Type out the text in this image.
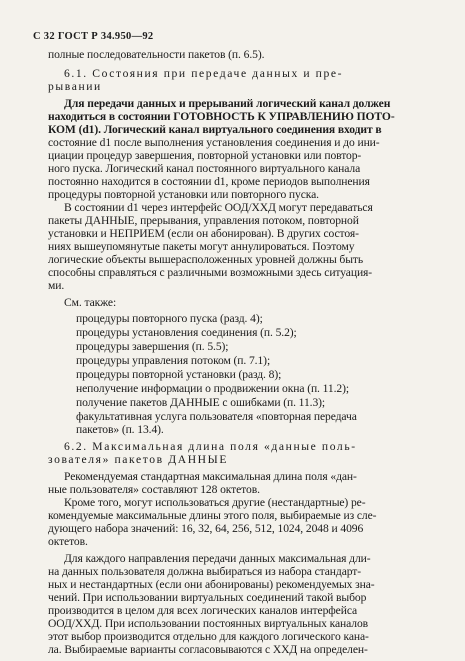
С 32 ГОСТ Р 34.950—92
полные последовательности пакетов (п. 6.5).
6.1. Состояния при передаче данных и пре-
рывании
Для передачи данных и прерываний логический канал должен
находиться в состоянии ГОТОВНОСТЬ К УПРАВЛЕНИЮ ПОТО-
КОМ (d1). Логический канал виртуального соединения входит в
состояние d1 после выполнения установления соединения и до ини-
циации процедур завершения, повторной установки или повтор-
ного пуска. Логический канал постоянного виртуального канала
постоянно находится в состоянии d1, кроме периодов выполнения
процедуры повторной установки или повторного пуска.
В состоянии d1 через интерфейс ООД/ХХД могут передаваться
пакеты ДАННЫЕ, прерывания, управления потоком, повторной
установки и НЕПРИЕМ (если он абонирован). В других состоя-
ниях вышеупомянутые пакеты могут аннулироваться. Поэтому
логические объекты вышерасположенных уровней должны быть
способны справляться с различными возможными здесь ситуация-
ми.
См. также:
процедуры повторного пуска (разд. 4);
процедуры установления соединения (п. 5.2);
процедуры завершения (п. 5.5);
процедуры управления потоком (п. 7.1);
процедуры повторной установки (разд. 8);
неполучение информации о продвижении окна (п. 11.2);
получение пакетов ДАННЫЕ с ошибками (п. 11.3);
факультативная услуга пользователя «повторная передача
пакетов» (п. 13.4).
6.2. Максимальная длина поля «данные поль-
зователя» пакетов ДАННЫЕ
Рекомендуемая стандартная максимальная длина поля «дан-
ные пользователя» составляют 128 октетов.
Кроме того, могут использоваться другие (нестандартные) ре-
комендуемые максимальные длины этого поля, выбираемые из сле-
дующего набора значений: 16, 32, 64, 256, 512, 1024, 2048 и 4096
октетов.
Для каждого направления передачи данных максимальная дли-
на данных пользователя должна выбираться из набора стандарт-
ных и нестандартных (если они абонированы) рекомендуемых зна-
чений. При использовании виртуальных соединений такой выбор
производится в целом для всех логических каналов интерфейса
ООД/ХХД. При использовании постоянных виртуальных каналов
этот выбор производится отдельно для каждого логического кана-
ла. Выбираемые варианты согласовываются с ХХД на определен-
